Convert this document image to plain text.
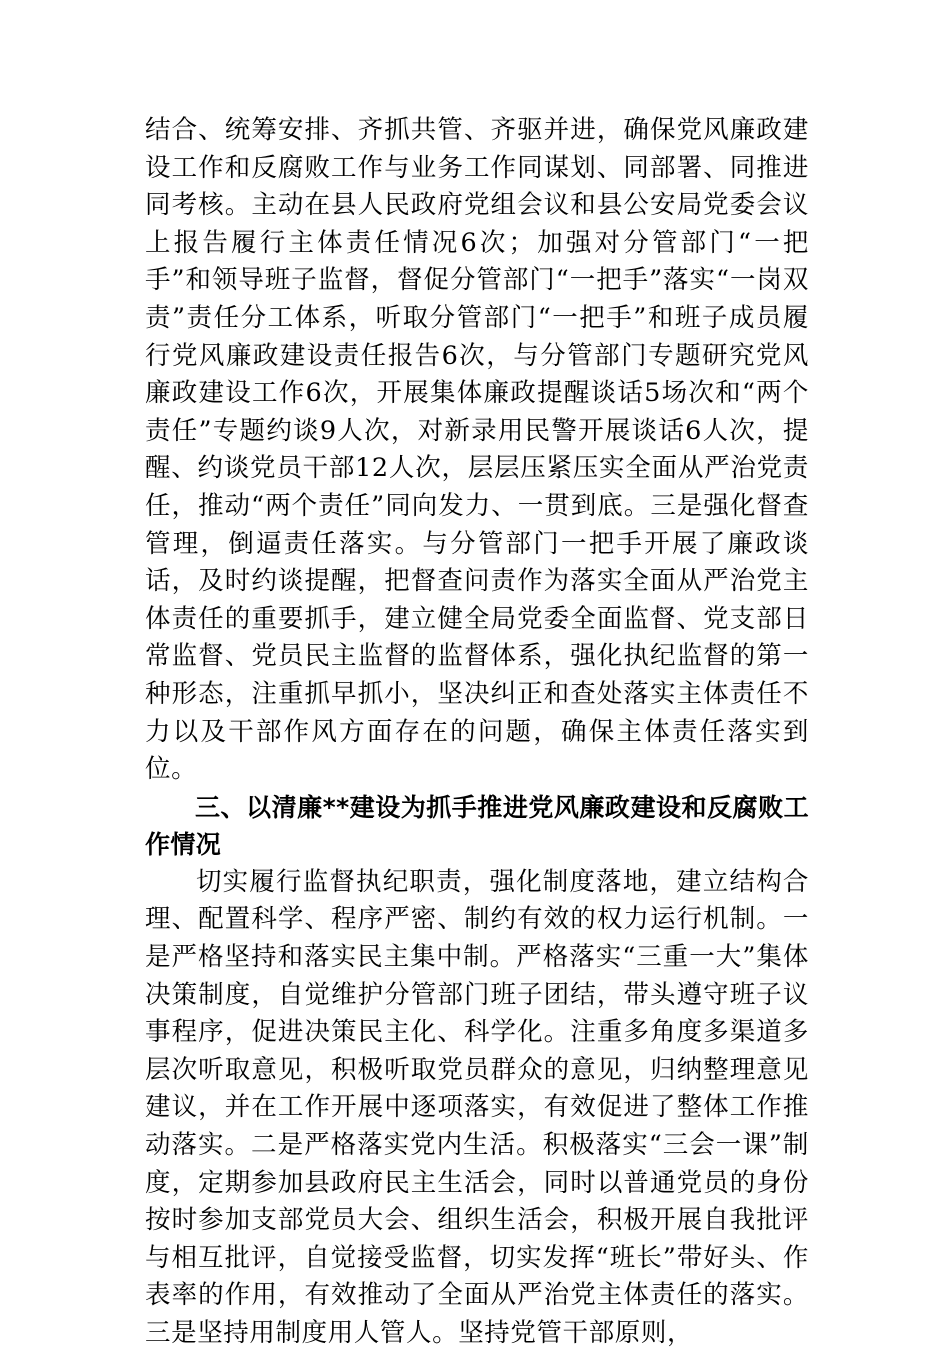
结合、统筹安排、齐抓共管、齐驱并进，确保党风廉政建设工作和反腐败工作与业务工作同谋划、同部署、同推进同考核。主动在县人民政府党组会议和县公安局党委会议上报告履行主体责任情况6次；加强对分管部门“一把手”和领导班子监督，督促分管部门“一把手”落实“一岗双责”责任分工体系，听取分管部门“一把手”和班子成员履行党风廉政建设责任报告6次，与分管部门专题研究党风廉政建设工作6次，开展集体廉政提醒谈话5场次和“两个责任”专题约谈9人次，对新录用民警开展谈话6人次，提醒、约谈党员干部12人次，层层压紧压实全面从严治党责任，推动“两个责任”同向发力、一贯到底。三是强化督查管理，倒逼责任落实。与分管部门一把手开展了廉政谈话，及时约谈提醒，把督查问责作为落实全面从严治党主体责任的重要抓手，建立健全局党委全面监督、党支部日常监督、党员民主监督的监督体系，强化执纪监督的第一种形态，注重抓早抓小，坚决纠正和查处落实主体责任不力以及干部作风方面存在的问题，确保主体责任落实到位。

三、以清廉**建设为抓手推进党风廉政建设和反腐败工作情况

切实履行监督执纪职责，强化制度落地，建立结构合理、配置科学、程序严密、制约有效的权力运行机制。一是严格坚持和落实民主集中制。严格落实“三重一大”集体决策制度，自觉维护分管部门班子团结，带头遵守班子议事程序，促进决策民主化、科学化。注重多角度多渠道多层次听取意见，积极听取党员群众的意见，归纳整理意见建议，并在工作开展中逐项落实，有效促进了整体工作推动落实。二是严格落实党内生活。积极落实“三会一课”制度，定期参加县政府民主生活会，同时以普通党员的身份按时参加支部党员大会、组织生活会，积极开展自我批评与相互批评，自觉接受监督，切实发挥“班长”带好头、作表率的作用，有效推动了全面从严治党主体责任的落实。三是坚持用制度用人管人。坚持党管干部原则，
